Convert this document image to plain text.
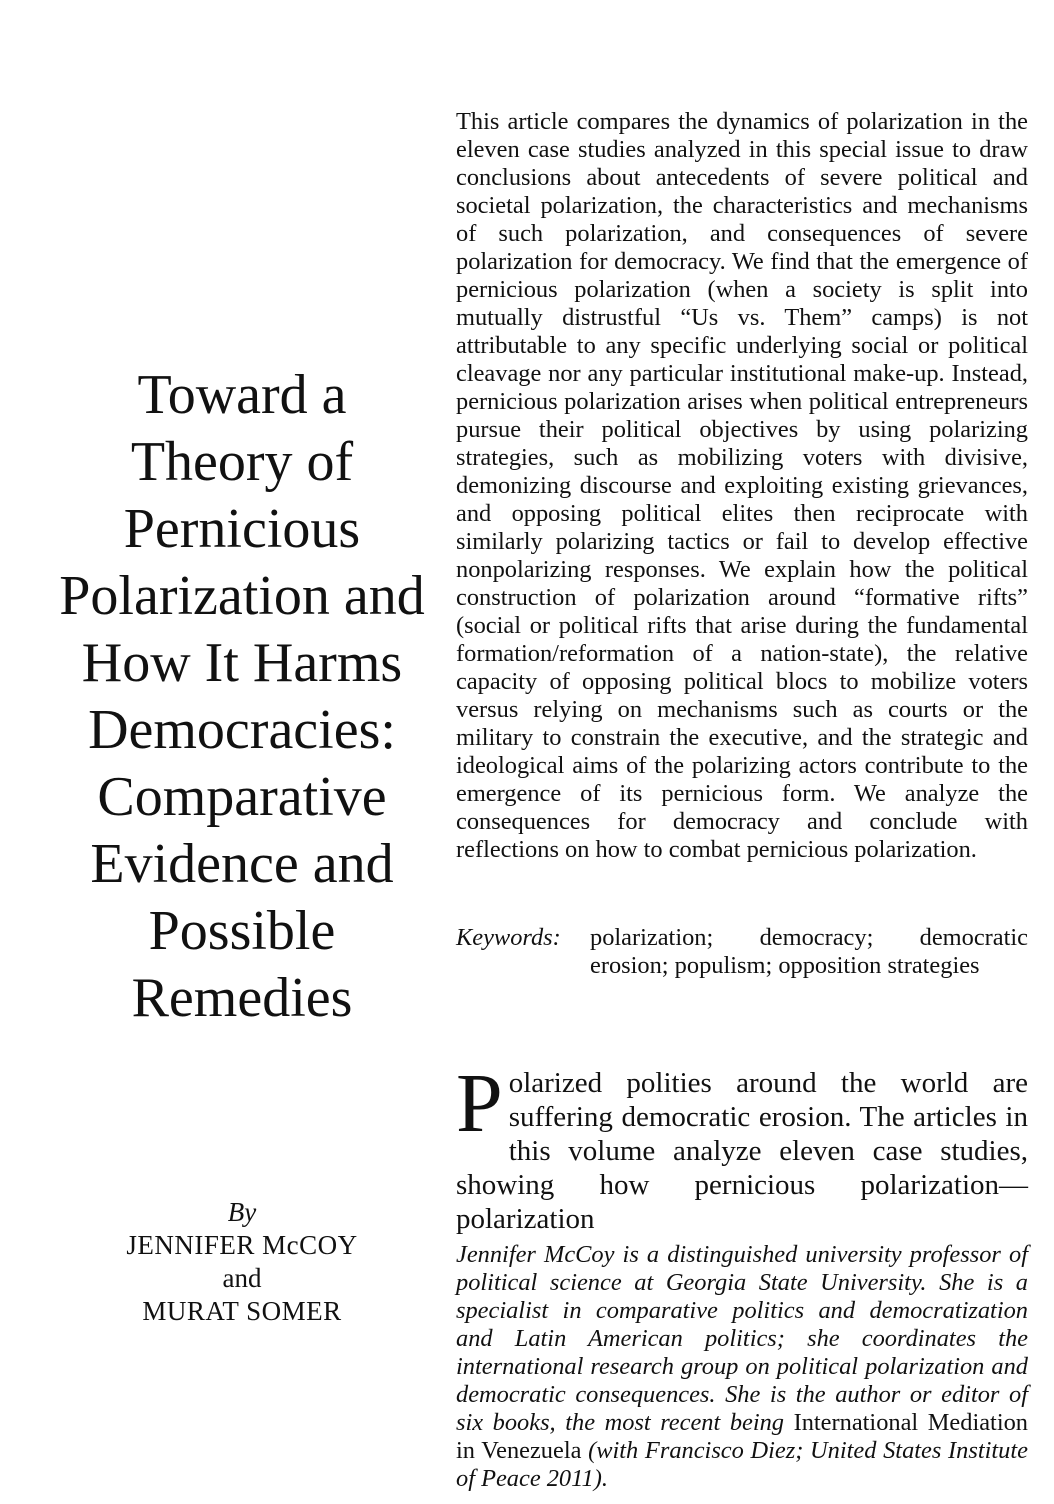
Toward a
Theory of
Pernicious
Polarization and
How It Harms
Democracies:
Comparative
Evidence and
Possible
Remedies
By
JENNIFER McCOY
and
MURAT SOMER

This article compares the dynamics of polarization in the eleven case studies analyzed in this special issue to draw conclusions about antecedents of severe political and societal polarization, the characteristics and mechanisms of such polarization, and consequences of severe polarization for democracy. We find that the emergence of pernicious polarization (when a society is split into mutually distrustful “Us vs. Them” camps) is not attributable to any specific underlying social or political cleavage nor any particular institutional make-up. Instead, pernicious polarization arises when political entrepreneurs pursue their political objectives by using polarizing strategies, such as mobilizing voters with divisive, demonizing discourse and exploiting existing grievances, and opposing political elites then reciprocate with similarly polarizing tactics or fail to develop effective nonpolarizing responses. We explain how the political construction of polarization around “formative rifts” (social or political rifts that arise during the fundamental formation/reformation of a nation-state), the relative capacity of opposing political blocs to mobilize voters versus relying on mechanisms such as courts or the military to constrain the executive, and the strategic and ideological aims of the polarizing actors contribute to the emergence of its pernicious form. We analyze the consequences for democracy and conclude with reflections on how to combat pernicious polarization.

Keywords:	polarization; democracy; democratic erosion; populism; opposition strategies

Polarized polities around the world are suffering democratic erosion. The articles in this volume analyze eleven case studies, showing how pernicious polarization—polarization

Jennifer McCoy is a distinguished university professor of political science at Georgia State University. She is a specialist in comparative politics and democratization and Latin American politics; she coordinates the international research group on political polarization and democratic consequences. She is the author or editor of six books, the most recent being International Mediation in Venezuela (with Francisco Diez; United States Institute of Peace 2011).
